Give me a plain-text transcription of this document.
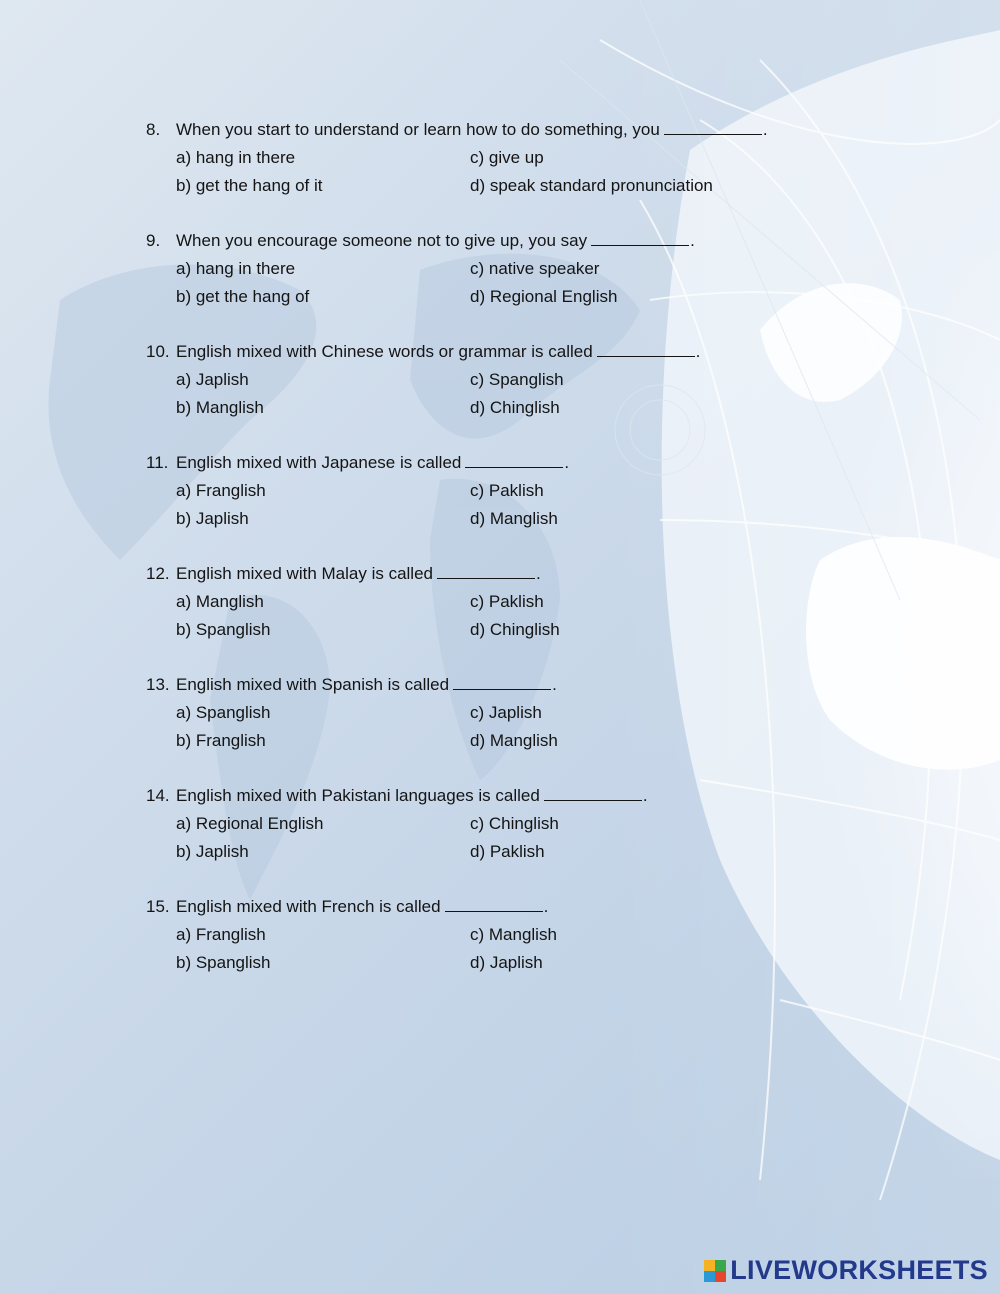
8. When you start to understand or learn how to do something, you	.
a) hang in there	c) give up
b) get the hang of it	d) speak standard pronunciation
9. When you encourage someone not to give up, you say	.
a) hang in there	c) native speaker
b) get the hang of	d) Regional English
10. English mixed with Chinese words or grammar is called	.
a) Japlish	c) Spanglish
b) Manglish	d) Chinglish
11. English mixed with Japanese is called	.
a) Franglish	c) Paklish
b) Japlish	d) Manglish
12. English mixed with Malay is called	.
a) Manglish	c) Paklish
b) Spanglish	d) Chinglish
13. English mixed with Spanish is called	.
a) Spanglish	c) Japlish
b) Franglish	d) Manglish
14. English mixed with Pakistani languages is called	.
a) Regional English	c) Chinglish
b) Japlish	d) Paklish
15. English mixed with French is called	.
a) Franglish	c) Manglish
b) Spanglish	d) Japlish
LIVEWORKSHEETS
